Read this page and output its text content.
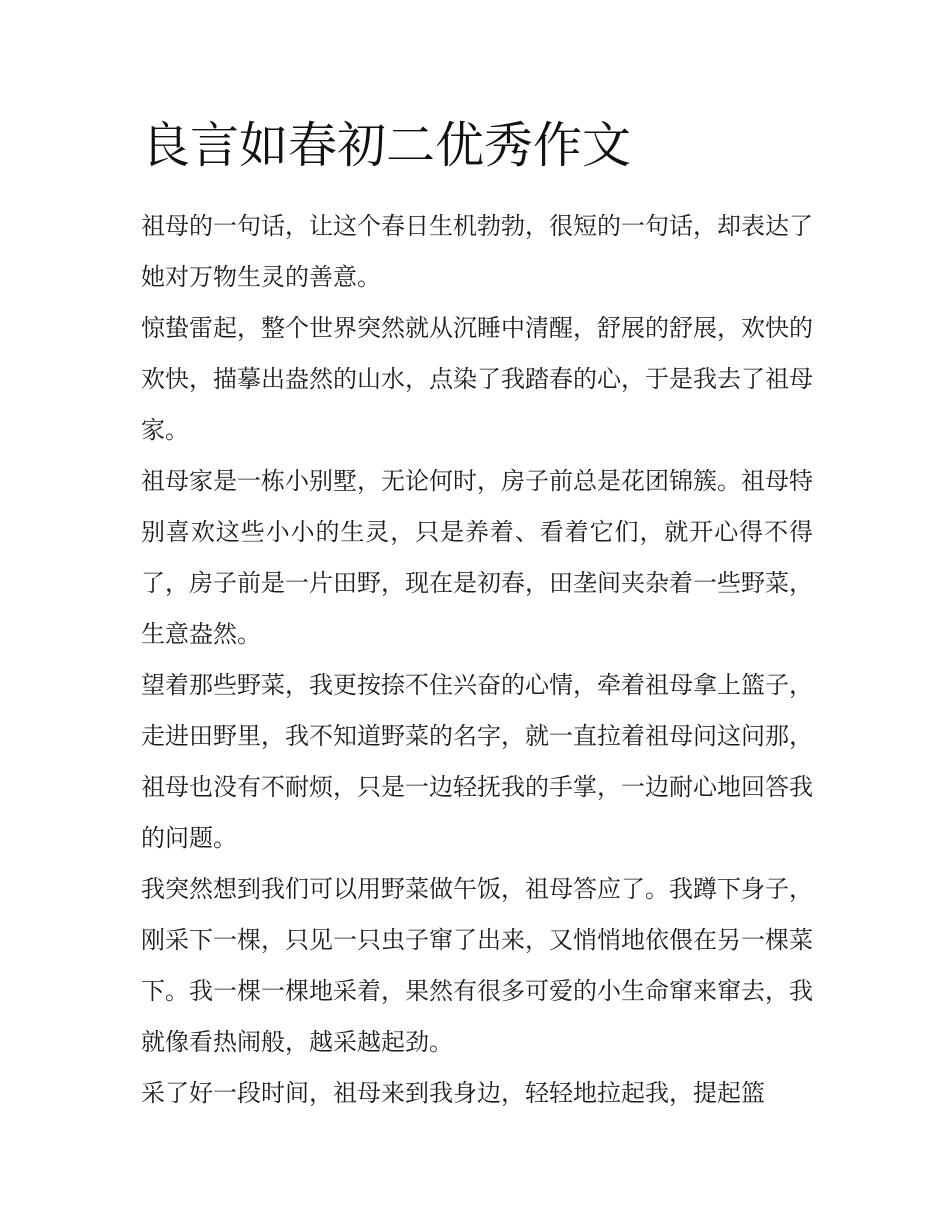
良言如春初二优秀作文

祖母的一句话，让这个春日生机勃勃，很短的一句话，却表达了她对万物生灵的善意。

惊蛰雷起，整个世界突然就从沉睡中清醒，舒展的舒展，欢快的欢快，描摹出盎然的山水，点染了我踏春的心，于是我去了祖母家。

祖母家是一栋小别墅，无论何时，房子前总是花团锦簇。祖母特别喜欢这些小小的生灵，只是养着、看着它们，就开心得不得了，房子前是一片田野，现在是初春，田垄间夹杂着一些野菜，生意盎然。

望着那些野菜，我更按捺不住兴奋的心情，牵着祖母拿上篮子，走进田野里，我不知道野菜的名字，就一直拉着祖母问这问那，祖母也没有不耐烦，只是一边轻抚我的手掌，一边耐心地回答我的问题。

我突然想到我们可以用野菜做午饭，祖母答应了。我蹲下身子，刚采下一棵，只见一只虫子窜了出来，又悄悄地依偎在另一棵菜下。我一棵一棵地采着，果然有很多可爱的小生命窜来窜去，我就像看热闹般，越采越起劲。

采了好一段时间，祖母来到我身边，轻轻地拉起我，提起篮
